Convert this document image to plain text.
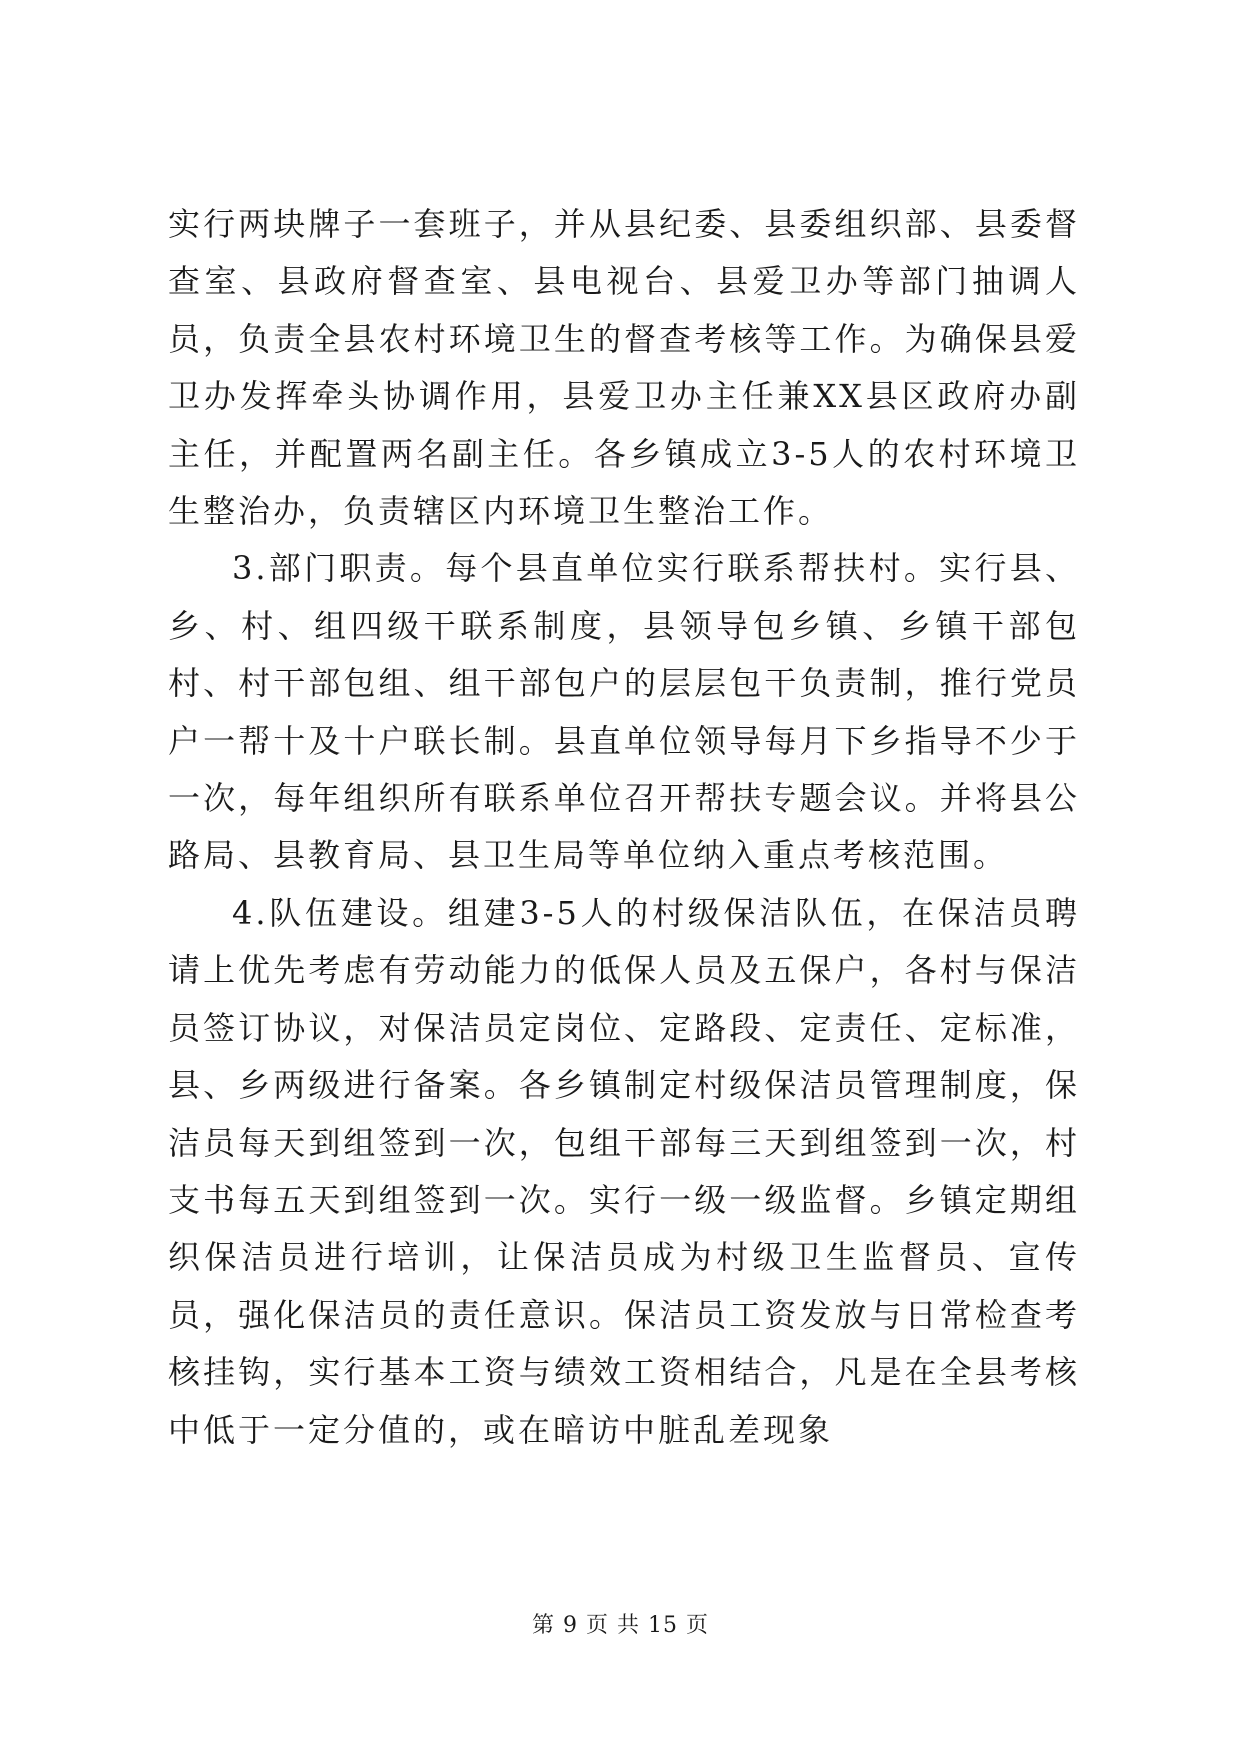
实行两块牌子一套班子，并从县纪委、县委组织部、县委督查室、县政府督查室、县电视台、县爱卫办等部门抽调人员，负责全县农村环境卫生的督查考核等工作。为确保县爱卫办发挥牵头协调作用，县爱卫办主任兼XX县区政府办副主任，并配置两名副主任。各乡镇成立3-5人的农村环境卫生整治办，负责辖区内环境卫生整治工作。

3.部门职责。每个县直单位实行联系帮扶村。实行县、乡、村、组四级干联系制度，县领导包乡镇、乡镇干部包村、村干部包组、组干部包户的层层包干负责制，推行党员户一帮十及十户联长制。县直单位领导每月下乡指导不少于一次，每年组织所有联系单位召开帮扶专题会议。并将县公路局、县教育局、县卫生局等单位纳入重点考核范围。

4.队伍建设。组建3-5人的村级保洁队伍，在保洁员聘请上优先考虑有劳动能力的低保人员及五保户，各村与保洁员签订协议，对保洁员定岗位、定路段、定责任、定标准，县、乡两级进行备案。各乡镇制定村级保洁员管理制度，保洁员每天到组签到一次，包组干部每三天到组签到一次，村支书每五天到组签到一次。实行一级一级监督。乡镇定期组织保洁员进行培训，让保洁员成为村级卫生监督员、宣传员，强化保洁员的责任意识。保洁员工资发放与日常检查考核挂钩，实行基本工资与绩效工资相结合，凡是在全县考核中低于一定分值的，或在暗访中脏乱差现象

第 9 页 共 15 页
